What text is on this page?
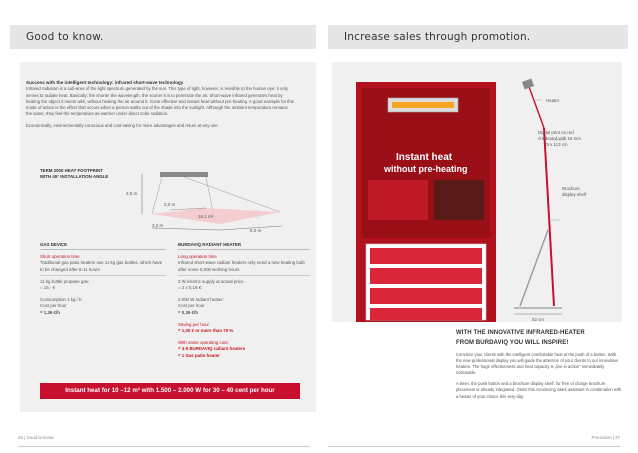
Good to know.	Increase sales through promotion.
Success with the intelligent technology: infrared short-wave technology
Infrared radiation is a sub-area of the light spectrum generated by the sun. This type of light, however, is invisible to the human eye; it only serves to radiate heat. Basically: the shorter the wavelength, the sooner it is to penetrate the air. Short-wave infrared generates heat by heating the object it meets with, without heating the air around it. Gone effective and instant heat without pre-heating. A good example for this mode of action is the effect that occurs when a person walks out of the shade into the sunlight. Although the ambient temperature remains the same, they feel the temperature as warmer under direct solar radiation.
Economically, environmentally conscious and cost-saving for more advantages and return at any use.
TERM 2000 HEAT FOOTPRINT
WITH 45° INSTALLATION ANGLE
2,5 m
2,0 m
16,1 m²
3,2 m
5,0 m
GAS DEVICE
Short operation time
Traditional gas patio heaters use 11 kg gas bottles, which have to be changed after 8-11 hours
11 kg bottle propane gas:
= 15,- €
Consumption 1 kg / h
Cost per hour
= 1,36 €/h
BURDAVIQ RADIANT HEATER
Long operation time
Infrared short-wave radiant heaters only need a new heating bulb after some 5,000 working hours
2 W electric supply at actual price
= 2 x 0,18 €:
2.000 W radiant heater:
Cost per hour
= 0,36 €/h
Saving per hour
= 1,00 € or more than 70 %
With same operating cost:
= 4-5 BURDAVIQ radiant heaters
= 1 Gas patio heater
Instant heat for 10 –12 m² with 1.500 – 2.000 W for 30 – 40 cent per hour
Instant heat
without pre-heating
Heater
Digital print on red
chipboard with 16 mm
75 x 113 cm
Brochure
display shelf
62 cm
WITH THE INNOVATIVE INFRARED-HEATER
FROM BURDAVIQ YOU WILL INSPIRE!
Convince your clients with the intelligent comfortable heat at the push of a button. With the new professional display you will guide the attention of your clients to our innovative heaters. The huge effectiveness and heat capacity is „live in action" immediately noticeable.
A timer, the push button and a brochure display shelf, for free of charge brochure placement is already integrated. Order this convincing sales assistant in combination with a heater of your choice this very day.
26 | Good to know	Promotion | 27
